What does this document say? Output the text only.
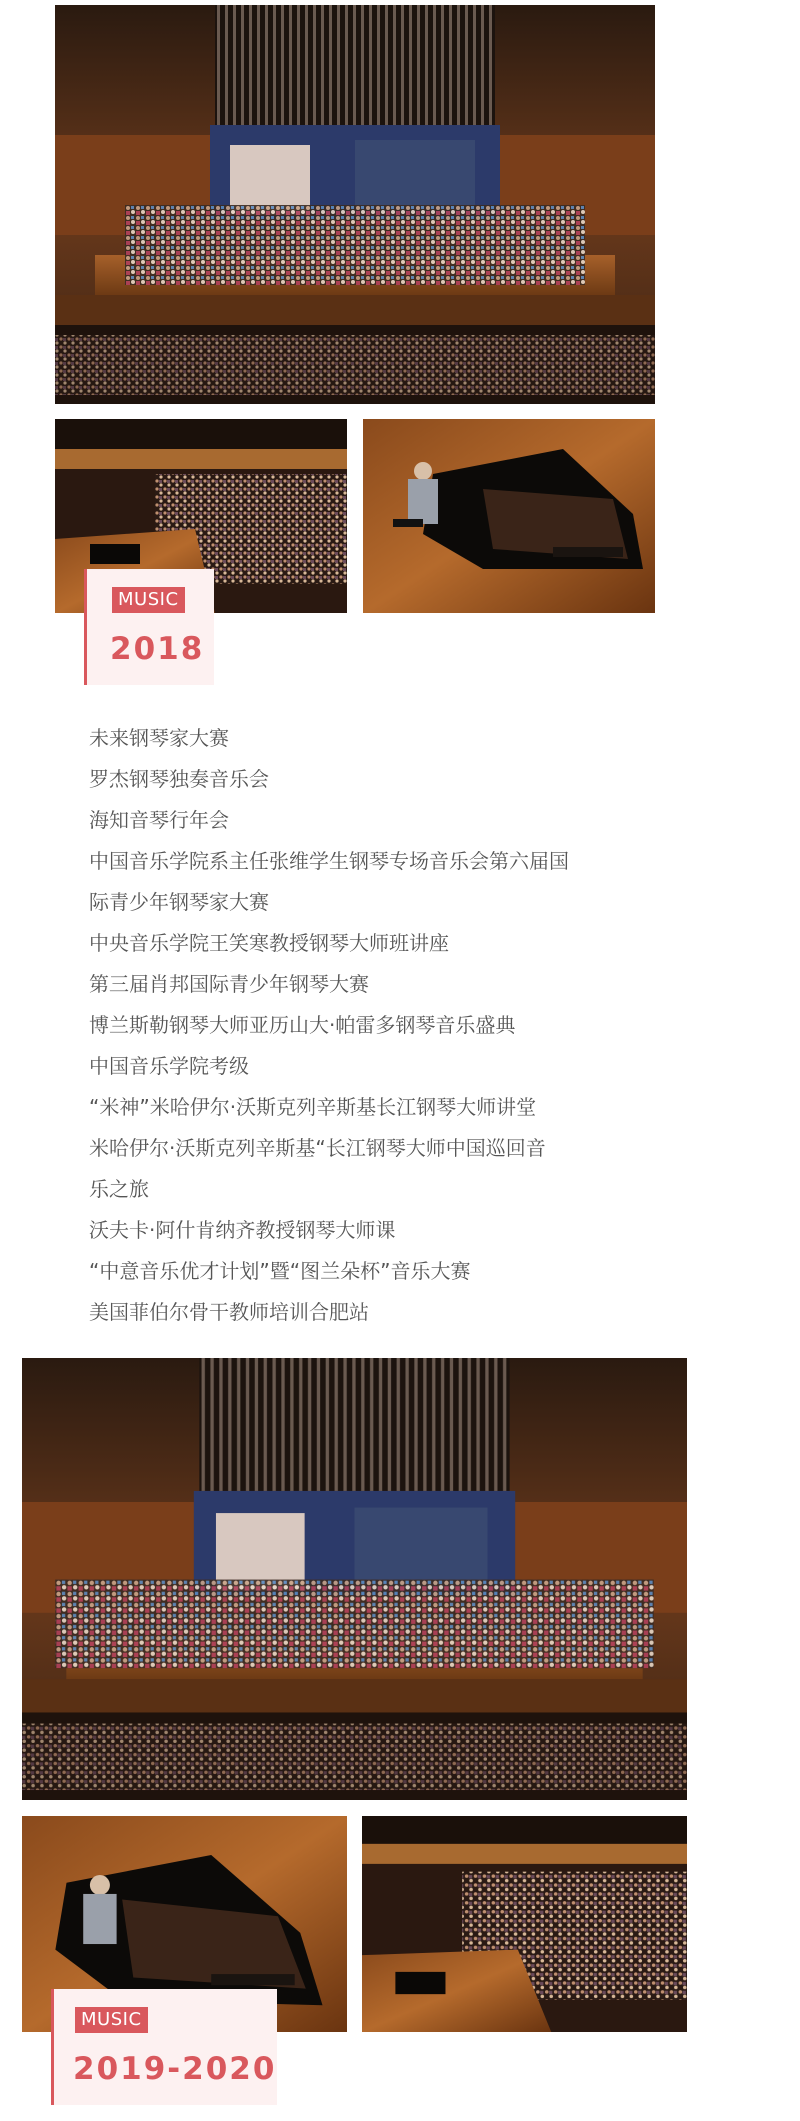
MUSIC
2018

未来钢琴家大赛

罗杰钢琴独奏音乐会

海知音琴行年会

中国音乐学院系主任张维学生钢琴专场音乐会第六届国

际青少年钢琴家大赛

中央音乐学院王笑寒教授钢琴大师班讲座

第三届肖邦国际青少年钢琴大赛

博兰斯勒钢琴大师亚历山大·帕雷多钢琴音乐盛典

中国音乐学院考级

“米神”米哈伊尔·沃斯克列辛斯基长江钢琴大师讲堂

米哈伊尔·沃斯克列辛斯基“长江钢琴大师中国巡回音

乐之旅

沃夫卡·阿什肯纳齐教授钢琴大师课

“中意音乐优才计划”暨“图兰朵杯”音乐大赛

美国菲伯尔骨干教师培训合肥站

MUSIC
2019-2020
